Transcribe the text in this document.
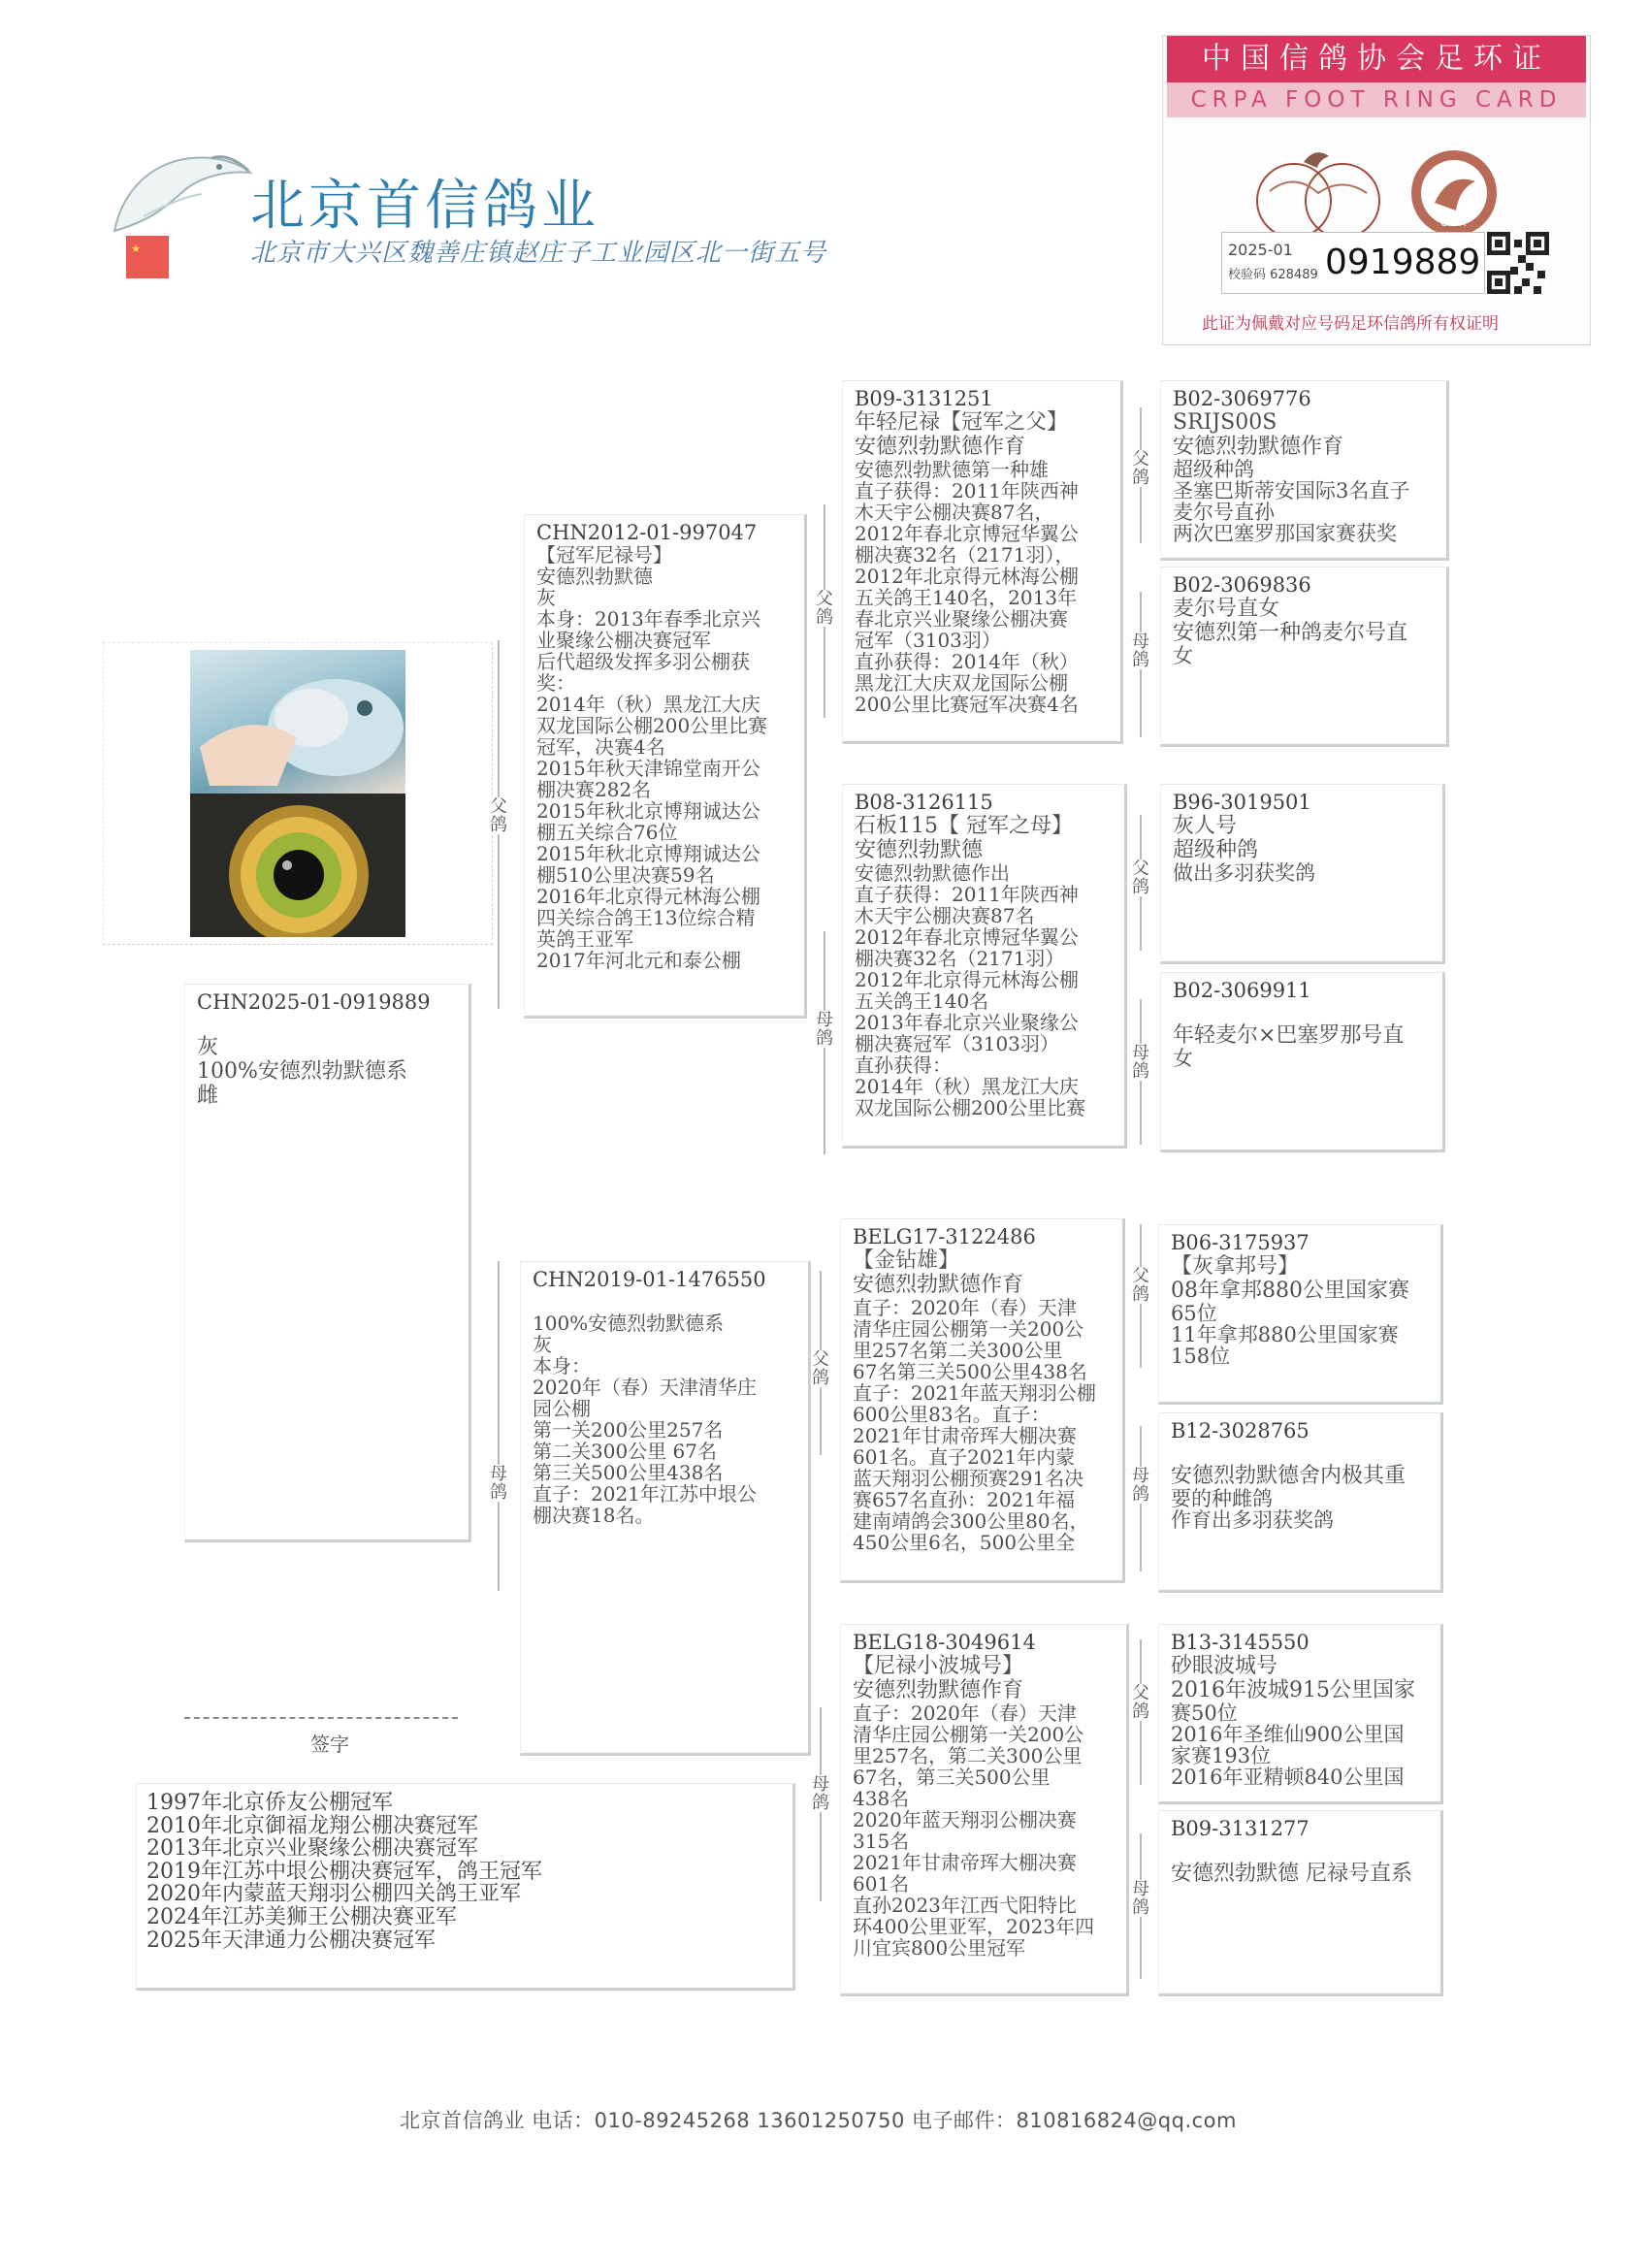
★
北京首信鸽业
北京市大兴区魏善庄镇赵庄子工业园区北一街五号
中国信鸽协会足环证
CRPA FOOT RING CARD
CRPA
2025-01
校验码 628489 0919889
此证为佩戴对应号码足环信鸽所有权证明
CHN2025-01-0919889
灰
100%安德烈勃默德系
雌
签字
1997年北京侨友公棚冠军
2010年北京御福龙翔公棚决赛冠军
2013年北京兴业聚缘公棚决赛冠军
2019年江苏中垠公棚决赛冠军，鸽王冠军
2020年内蒙蓝天翔羽公棚四关鸽王亚军
2024年江苏美狮王公棚决赛亚军
2025年天津通力公棚决赛冠军
CHN2012-01-997047
【冠军尼禄号】
安德烈勃默德
灰
本身：2013年春季北京兴
业聚缘公棚决赛冠军
后代超级发挥多羽公棚获
奖：
2014年（秋）黑龙江大庆
双龙国际公棚200公里比赛
冠军，决赛4名
2015年秋天津锦堂南开公
棚决赛282名
2015年秋北京博翔诚达公
棚五关综合76位
2015年秋北京博翔诚达公
棚510公里决赛59名
2016年北京得元林海公棚
四关综合鸽王13位综合精
英鸽王亚军
2017年河北元和泰公棚
CHN2019-01-1476550
100%安德烈勃默德系
灰
本身：
2020年（春）天津清华庄
园公棚
第一关200公里257名
第二关300公里 67名
第三关500公里438名
直子：2021年江苏中垠公
棚决赛18名。
B09-3131251
年轻尼禄【冠军之父】
安德烈勃默德作育
安德烈勃默德第一种雄
直子获得：2011年陕西神
木天宇公棚决赛87名，
2012年春北京博冠华翼公
棚决赛32名（2171羽），
2012年北京得元林海公棚
五关鸽王140名，2013年
春北京兴业聚缘公棚决赛
冠军（3103羽）
直孙获得：2014年（秋）
黑龙江大庆双龙国际公棚
200公里比赛冠军决赛4名
B08-3126115
石板115【 冠军之母】
安德烈勃默德
安德烈勃默德作出
直子获得：2011年陕西神
木天宇公棚决赛87名
2012年春北京博冠华翼公
棚决赛32名（2171羽）
2012年北京得元林海公棚
五关鸽王140名
2013年春北京兴业聚缘公
棚决赛冠军（3103羽）
直孙获得：
2014年（秋）黑龙江大庆
双龙国际公棚200公里比赛
BELG17-3122486
【金钻雄】
安德烈勃默德作育
直子：2020年（春）天津
清华庄园公棚第一关200公
里257名第二关300公里
67名第三关500公里438名
直子：2021年蓝天翔羽公棚
600公里83名。直子：
2021年甘肃帝珲大棚决赛
601名。直子2021年内蒙
蓝天翔羽公棚预赛291名决
赛657名直孙：2021年福
建南靖鸽会300公里80名，
450公里6名，500公里全
BELG18-3049614
【尼禄小波城号】
安德烈勃默德作育
直子：2020年（春）天津
清华庄园公棚第一关200公
里257名，第二关300公里
67名，第三关500公里
438名
2020年蓝天翔羽公棚决赛
315名
2021年甘肃帝珲大棚决赛
601名
直孙2023年江西弋阳特比
环400公里亚军，2023年四
川宜宾800公里冠军
B02-3069776
SRIJS00S
安德烈勃默德作育
超级种鸽
圣塞巴斯蒂安国际3名直子
麦尔号直孙
两次巴塞罗那国家赛获奖
B02-3069836
麦尔号直女
安德烈第一种鸽麦尔号直
女
B96-3019501
灰人号
超级种鸽
做出多羽获奖鸽
B02-3069911
年轻麦尔×巴塞罗那号直
女
B06-3175937
【灰拿邦号】
08年拿邦880公里国家赛
65位
11年拿邦880公里国家赛
158位
B12-3028765
安德烈勃默德舍内极其重
要的种雌鸽
作育出多羽获奖鸽
B13-3145550
砂眼波城号
2016年波城915公里国家
赛50位
2016年圣维仙900公里国
家赛193位
2016年亚精顿840公里国
B09-3131277
安德烈勃默德 尼禄号直系
父鸽
母鸽
父鸽
母鸽
父鸽
母鸽
父鸽
母鸽
父鸽
母鸽
父鸽
母鸽
父鸽
母鸽
北京首信鸽业 电话：010-89245268 13601250750 电子邮件：810816824@qq.com
